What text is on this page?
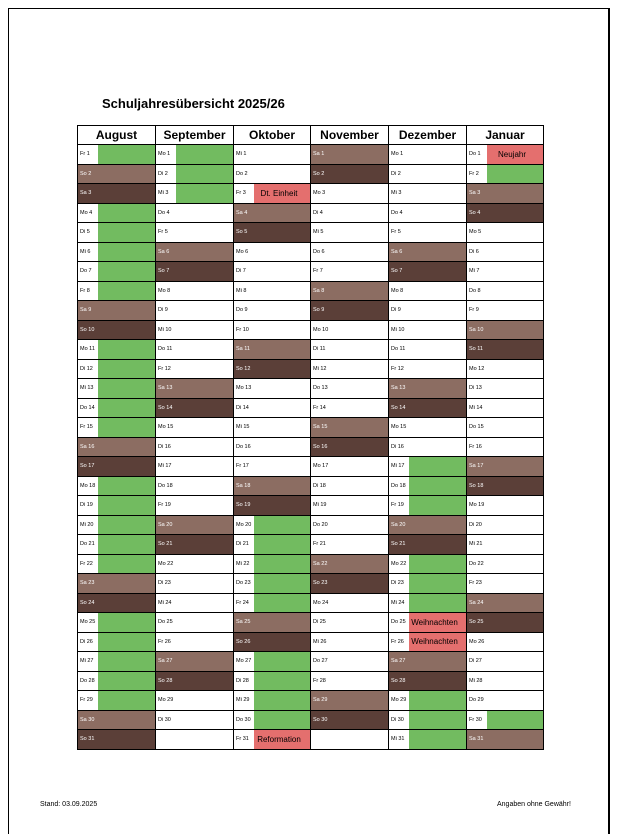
Schuljahresübersicht 2025/26
August	September	Oktober	November	Dezember	Januar

Fr 1	Mo 1	Mi 1	Sa 1	Mo 1	Do 1 Neujahr

So 2	Di 2	Do 2	So 2	Di 2	Fr 2

Sa 3	Mi 3	Fr 3 Dt. Einheit	Mo 3	Mi 3	Sa 3

Mo 4	Do 4	Sa 4	Di 4	Do 4	So 4

Di 5	Fr 5	So 5	Mi 5	Fr 5	Mo 5

Mi 6	Sa 6	Mo 6	Do 6	Sa 6	Di 6

Do 7	So 7	Di 7	Fr 7	So 7	Mi 7

Fr 8	Mo 8	Mi 8	Sa 8	Mo 8	Do 8

Sa 9	Di 9	Do 9	So 9	Di 9	Fr 9

So 10	Mi 10	Fr 10	Mo 10	Mi 10	Sa 10

Mo 11	Do 11	Sa 11	Di 11	Do 11	So 11

Di 12	Fr 12	So 12	Mi 12	Fr 12	Mo 12

Mi 13	Sa 13	Mo 13	Do 13	Sa 13	Di 13

Do 14	So 14	Di 14	Fr 14	So 14	Mi 14

Fr 15	Mo 15	Mi 15	Sa 15	Mo 15	Do 15

Sa 16	Di 16	Do 16	So 16	Di 16	Fr 16

So 17	Mi 17	Fr 17	Mo 17	Mi 17	Sa 17

Mo 18	Do 18	Sa 18	Di 18	Do 18	So 18

Di 19	Fr 19	So 19	Mi 19	Fr 19	Mo 19

Mi 20	Sa 20	Mo 20	Do 20	Sa 20	Di 20

Do 21	So 21	Di 21	Fr 21	So 21	Mi 21

Fr 22	Mo 22	Mi 22	Sa 22	Mo 22	Do 22

Sa 23	Di 23	Do 23	So 23	Di 23	Fr 23

So 24	Mi 24	Fr 24	Mo 24	Mi 24	Sa 24

Mo 25	Do 25	Sa 25	Di 25	Do 25 Weihnachten	So 25

Di 26	Fr 26	So 26	Mi 26	Fr 26 Weihnachten	Mo 26

Mi 27	Sa 27	Mo 27	Do 27	Sa 27	Di 27

Do 28	So 28	Di 28	Fr 28	So 28	Mi 28

Fr 29	Mo 29	Mi 29	Sa 29	Mo 29	Do 29

Sa 30	Di 30	Do 30	So 30	Di 30	Fr 30

So 31		Fr 31 Reformation		Mi 31	Sa 31
Stand: 03.09.2025	Angaben ohne Gewähr!
